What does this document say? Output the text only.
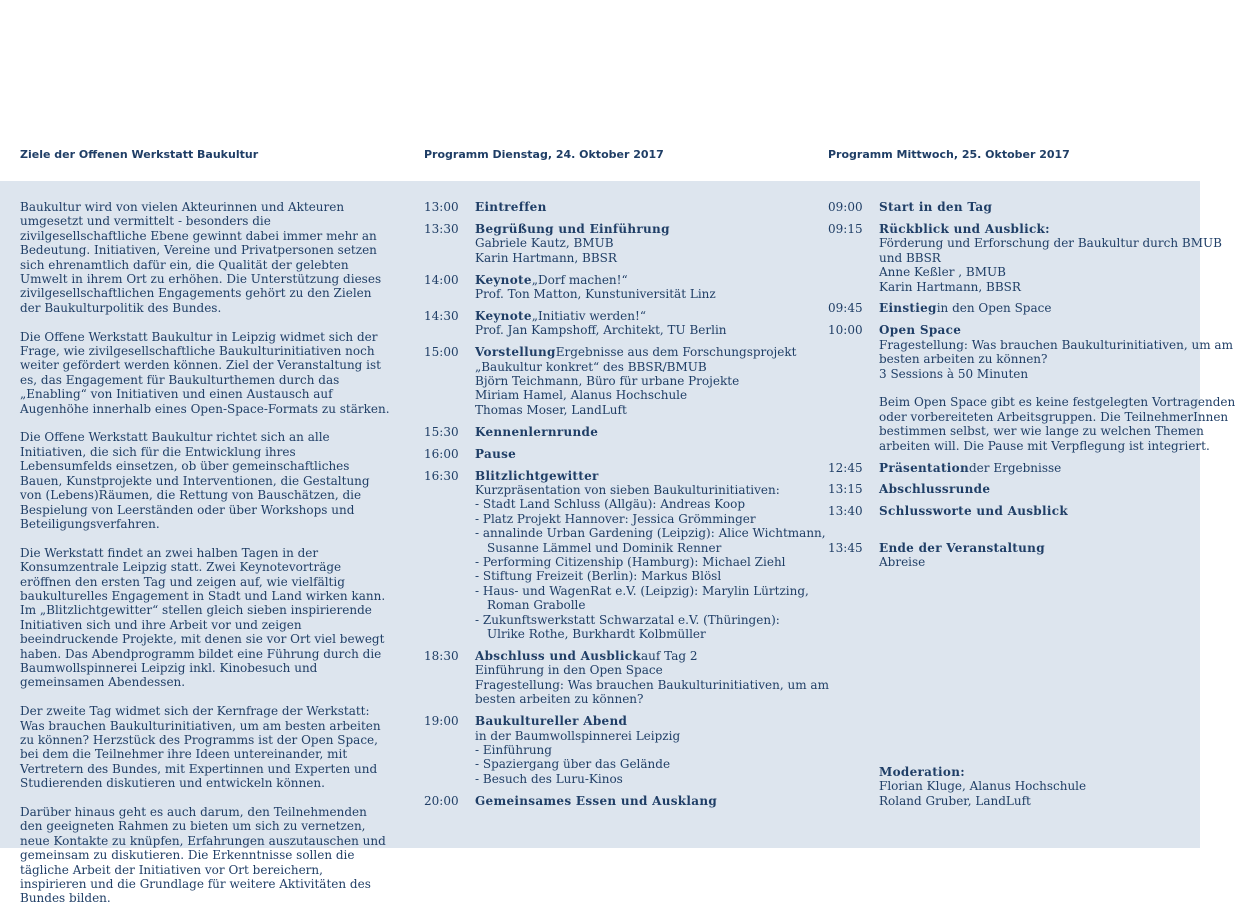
Ziele der Offenen Werkstatt Baukultur	Programm Dienstag, 24. Oktober 2017	Programm Mittwoch, 25. Oktober 2017

Baukultur wird von vielen Akteurinnen und Akteuren umgesetzt und vermittelt - besonders die zivilgesellschaftliche Ebene gewinnt dabei immer mehr an Bedeutung. Initiativen, Vereine und Privatpersonen setzen sich ehrenamtlich dafür ein, die Qualität der gelebten Umwelt in ihrem Ort zu erhöhen. Die Unterstützung dieses zivilgesellschaftlichen Engagements gehört zu den Zielen der Baukulturpolitik des Bundes.

Die Offene Werkstatt Baukultur in Leipzig widmet sich der Frage, wie zivilgesellschaftliche Baukulturinitiativen noch weiter gefördert werden können. Ziel der Veranstaltung ist es, das Engagement für Baukulturthemen durch das „Enabling“ von Initiativen und einen Austausch auf Augenhöhe innerhalb eines Open-Space-Formats zu stärken.

Die Offene Werkstatt Baukultur richtet sich an alle Initiativen, die sich für die Entwicklung ihres Lebensumfelds einsetzen, ob über gemeinschaftliches Bauen, Kunstprojekte und Interventionen, die Gestaltung von (Lebens)Räumen, die Rettung von Bauschätzen, die Bespielung von Leerständen oder über Workshops und Beteiligungsverfahren.

Die Werkstatt findet an zwei halben Tagen in der Konsumzentrale Leipzig statt. Zwei Keynotevorträge eröffnen den ersten Tag und zeigen auf, wie vielfältig baukulturelles Engagement in Stadt und Land wirken kann. Im „Blitzlichtgewitter“ stellen gleich sieben inspirierende Initiativen sich und ihre Arbeit vor und zeigen beeindruckende Projekte, mit denen sie vor Ort viel bewegt haben. Das Abendprogramm bildet eine Führung durch die Baumwollspinnerei Leipzig inkl. Kinobesuch und gemeinsamen Abendessen.

Der zweite Tag widmet sich der Kernfrage der Werkstatt: Was brauchen Baukulturinitiativen, um am besten arbeiten zu können? Herzstück des Programms ist der Open Space, bei dem die Teilnehmer ihre Ideen untereinander, mit Vertretern des Bundes, mit Expertinnen und Experten und Studierenden diskutieren und entwickeln können.

Darüber hinaus geht es auch darum, den Teilnehmenden den geeigneten Rahmen zu bieten um sich zu vernetzen, neue Kontakte zu knüpfen, Erfahrungen auszutauschen und gemeinsam zu diskutieren. Die Erkenntnisse sollen die tägliche Arbeit der Initiativen vor Ort bereichern, inspirieren und die Grundlage für weitere Aktivitäten des Bundes bilden.

13:00 Eintreffen
13:30 Begrüßung und Einführung
Gabriele Kautz, BMUB
Karin Hartmann, BBSR
14:00 Keynote„Dorf machen!“
Prof. Ton Matton, Kunstuniversität Linz
14:30 Keynote„Initiativ werden!“
Prof. Jan Kampshoff, Architekt, TU Berlin
15:00 VorstellungErgebnisse aus dem Forschungsprojekt
„Baukultur konkret“ des BBSR/BMUB
Björn Teichmann, Büro für urbane Projekte
Miriam Hamel, Alanus Hochschule
Thomas Moser, LandLuft
15:30 Kennenlernrunde
16:00 Pause
16:30 Blitzlichtgewitter
Kurzpräsentation von sieben Baukulturinitiativen:
- Stadt Land Schluss (Allgäu): Andreas Koop
- Platz Projekt Hannover: Jessica Grömminger
- annalinde Urban Gardening (Leipzig): Alice Wichtmann,
Susanne Lämmel und Dominik Renner
- Performing Citizenship (Hamburg): Michael Ziehl
- Stiftung Freizeit (Berlin): Markus Blösl
- Haus- und WagenRat e.V. (Leipzig): Marylin Lürtzing,
Roman Grabolle
- Zukunftswerkstatt Schwarzatal e.V. (Thüringen):
Ulrike Rothe, Burkhardt Kolbmüller
18:30 Abschluss und Ausblickauf Tag 2
Einführung in den Open Space
Fragestellung: Was brauchen Baukulturinitiativen, um am
besten arbeiten zu können?
19:00 Baukultureller Abend
in der Baumwollspinnerei Leipzig
- Einführung
- Spaziergang über das Gelände
- Besuch des Luru-Kinos
20:00 Gemeinsames Essen und Ausklang
09:00 Start in den Tag
09:15 Rückblick und Ausblick:
Förderung und Erforschung der Baukultur durch BMUB
und BBSR
Anne Keßler , BMUB
Karin Hartmann, BBSR
09:45 Einstiegin den Open Space
10:00 Open Space
Fragestellung: Was brauchen Baukulturinitiativen, um am
besten arbeiten zu können?
3 Sessions à 50 Minuten

Beim Open Space gibt es keine festgelegten Vortragenden
oder vorbereiteten Arbeitsgruppen. Die TeilnehmerInnen
bestimmen selbst, wer wie lange zu welchen Themen
arbeiten will. Die Pause mit Verpflegung ist integriert.
12:45 Präsentationder Ergebnisse
13:15 Abschlussrunde
13:40 Schlussworte und Ausblick
13:45 Ende der Veranstaltung
Abreise
Moderation:
Florian Kluge, Alanus Hochschule
Roland Gruber, LandLuft
